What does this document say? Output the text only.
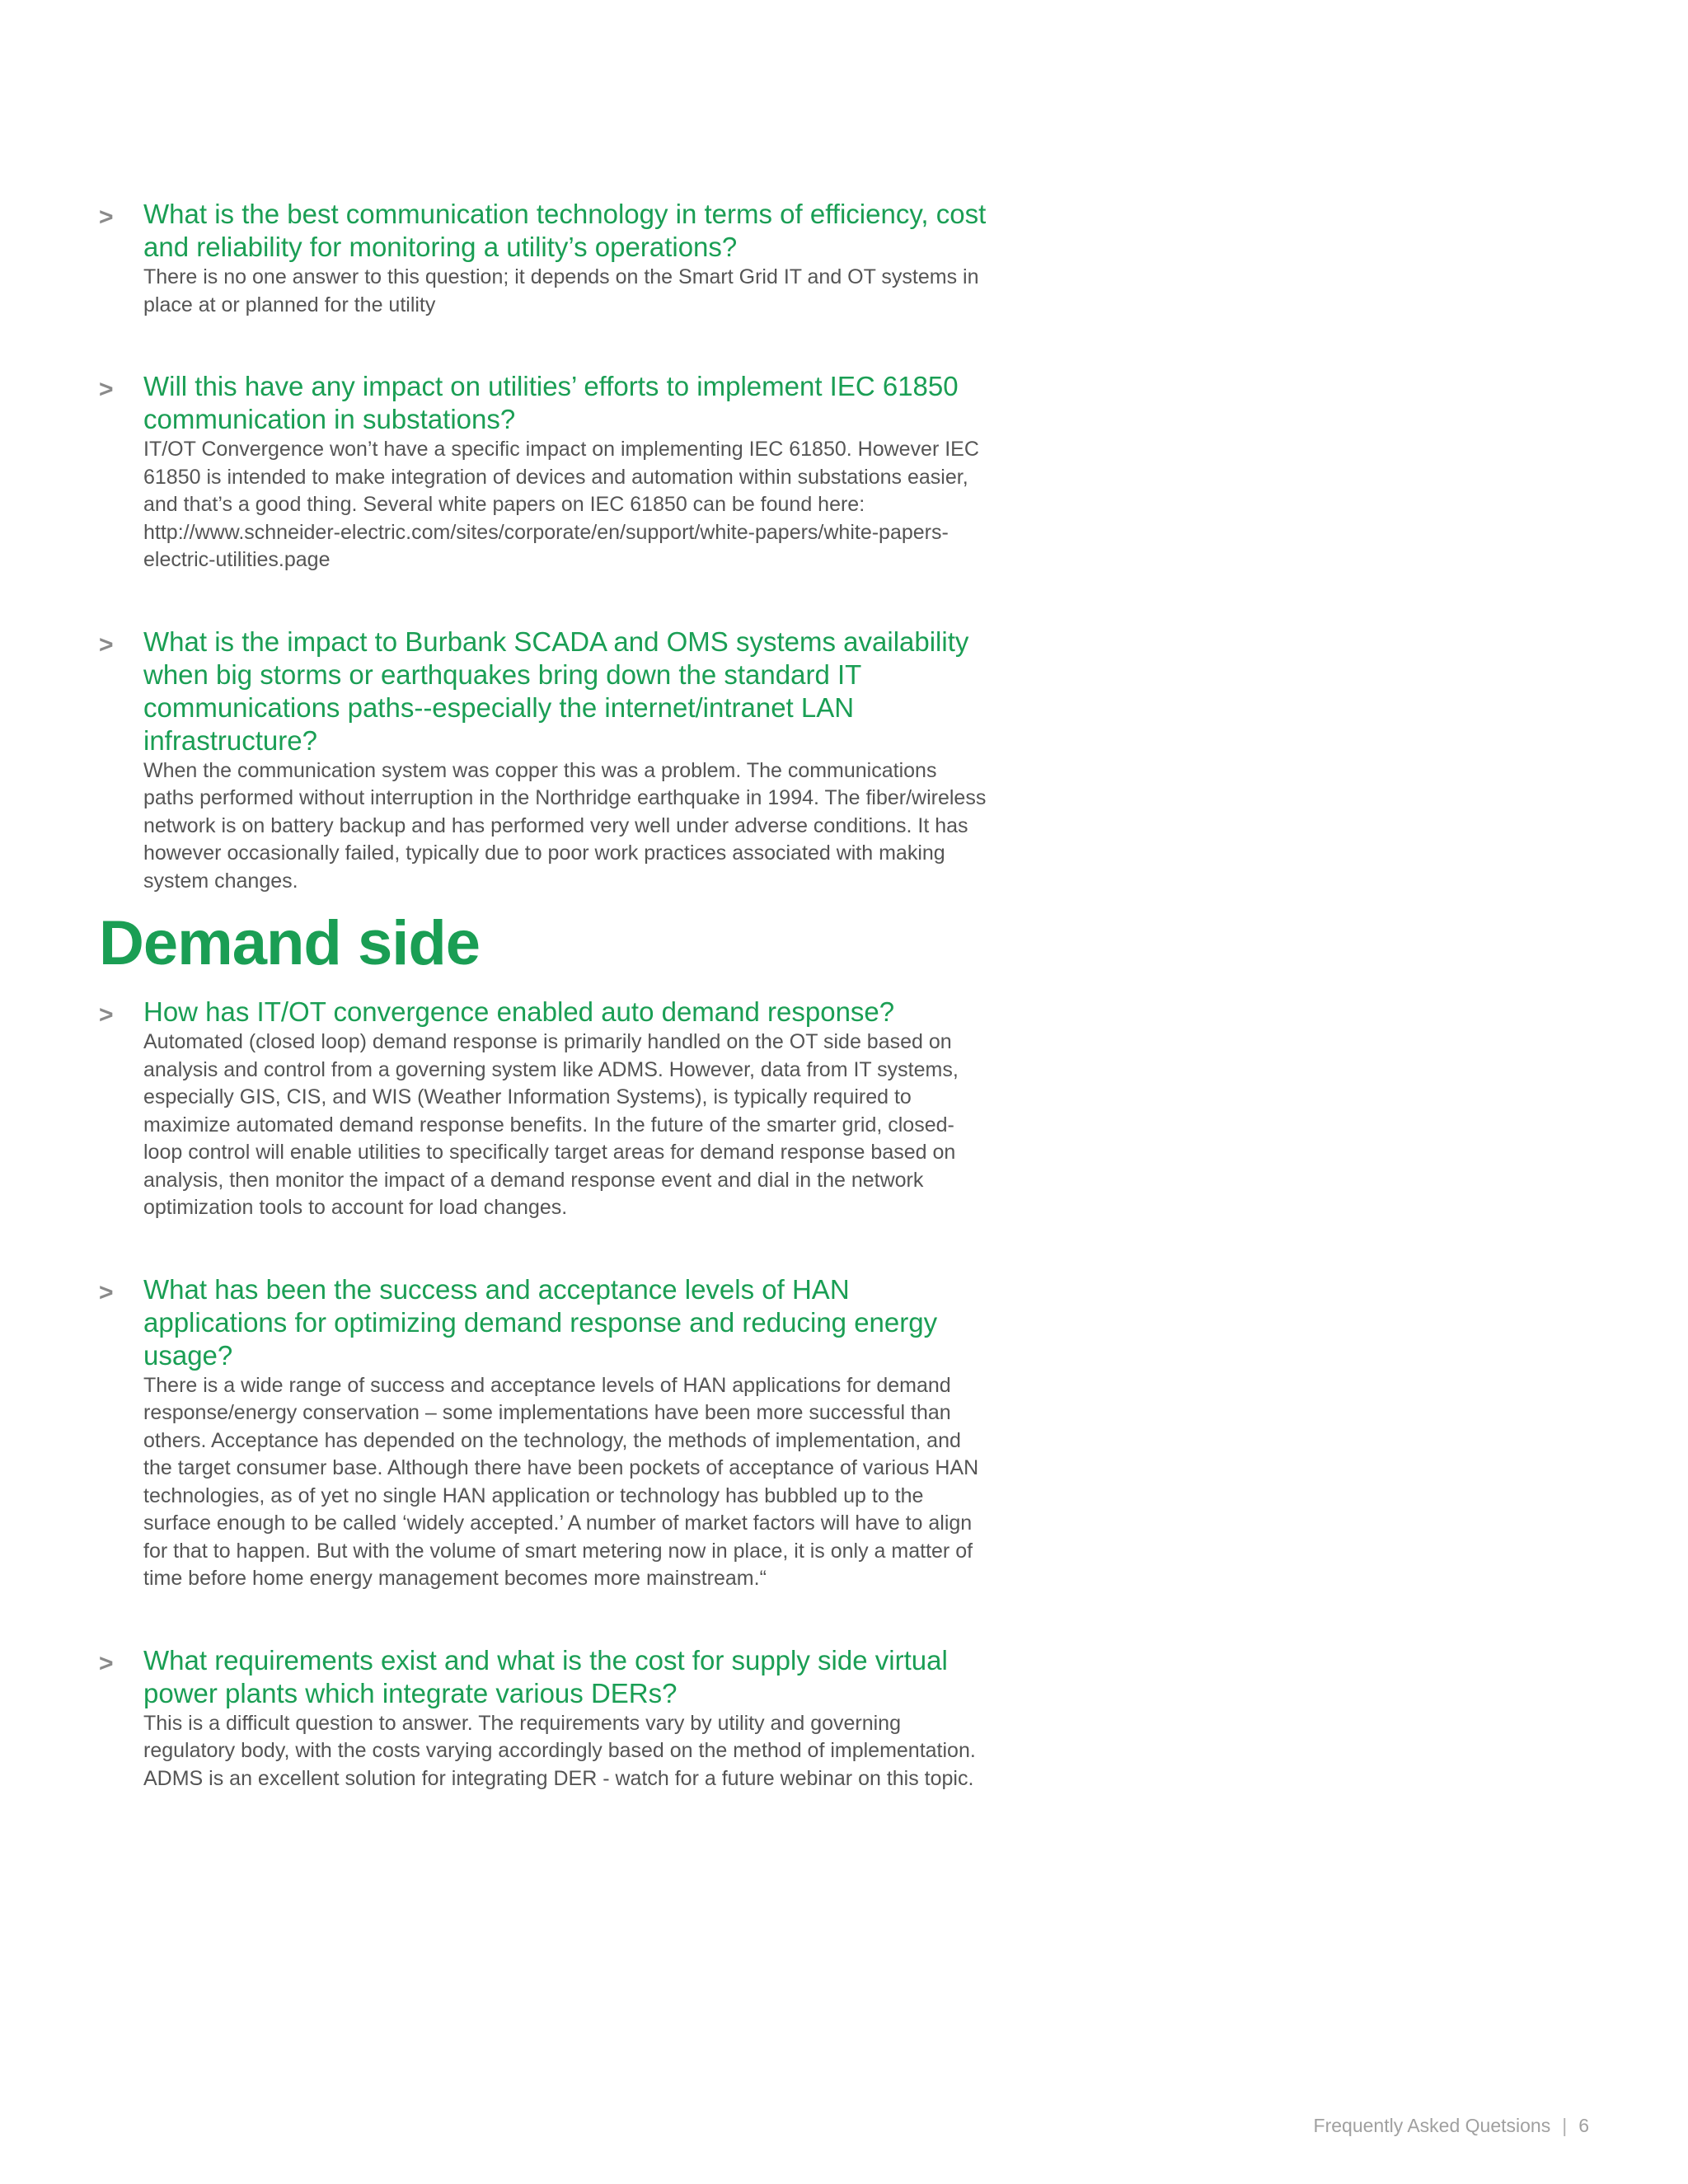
> What is the best communication technology in terms of efficiency, cost and reliability for monitoring a utility’s operations?

There is no one answer to this question; it depends on the Smart Grid IT and OT systems in place at or planned for the utility

> Will this have any impact on utilities’ efforts to implement IEC 61850 communication in substations?

IT/OT Convergence won’t have a specific impact on implementing IEC 61850. However IEC 61850 is intended to make integration of devices and automation within substations easier, and that’s a good thing. Several white papers on IEC 61850 can be found here: http://www.schneider-electric.com/sites/corporate/en/support/white-papers/white-papers-electric-utilities.page

> What is the impact to Burbank SCADA and OMS systems availability when big storms or earthquakes bring down the standard IT communications paths--especially the internet/intranet LAN infrastructure?

When the communication system was copper this was a problem. The communications paths performed without interruption in the Northridge earthquake in 1994. The fiber/wireless network is on battery backup and has performed very well under adverse conditions. It has however occasionally failed, typically due to poor work practices associated with making system changes.

Demand side
> How has IT/OT convergence enabled auto demand response?

Automated (closed loop) demand response is primarily handled on the OT side based on analysis and control from a governing system like ADMS. However, data from IT systems, especially GIS, CIS, and WIS (Weather Information Systems), is typically required to maximize automated demand response benefits. In the future of the smarter grid, closed-loop control will enable utilities to specifically target areas for demand response based on analysis, then monitor the impact of a demand response event and dial in the network optimization tools to account for load changes.

> What has been the success and acceptance levels of HAN applications for optimizing demand response and reducing energy usage?

There is a wide range of success and acceptance levels of HAN applications for demand response/energy conservation – some implementations have been more successful than others. Acceptance has depended on the technology, the methods of implementation, and the target consumer base. Although there have been pockets of acceptance of various HAN technologies, as of yet no single HAN application or technology has bubbled up to the surface enough to be called ‘widely accepted.’ A number of market factors will have to align for that to happen. But with the volume of smart metering now in place, it is only a matter of time before home energy management becomes more mainstream.“

> What requirements exist and what is the cost for supply side virtual power plants which integrate various DERs?

This is a difficult question to answer. The requirements vary by utility and governing regulatory body, with the costs varying accordingly based on the method of implementation. ADMS is an excellent solution for integrating DER - watch for a future webinar on this topic.

Frequently Asked Quetsions | 6
